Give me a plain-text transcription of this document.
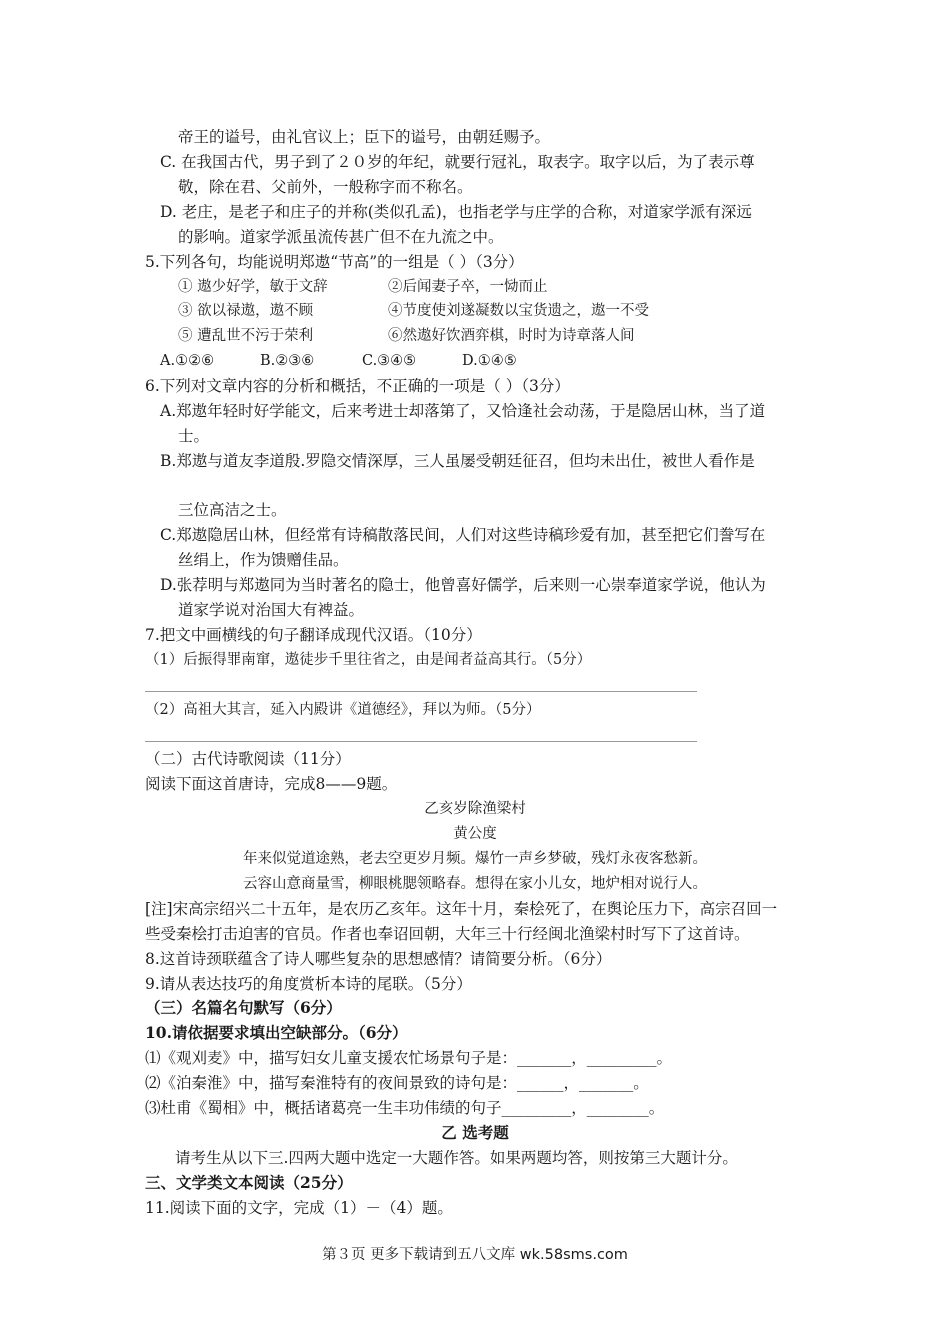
帝王的谥号，由礼官议上；臣下的谥号，由朝廷赐予。
C. 在我国古代，男子到了２０岁的年纪，就要行冠礼，取表字。取字以后，为了表示尊
敬，除在君、父前外，一般称字而不称名。
D. 老庄，是老子和庄子的并称(类似孔孟)，也指老学与庄学的合称，对道家学派有深远
的影响。道家学派虽流传甚广但不在九流之中。
5.下列各句，均能说明郑遨“节高”的一组是（ ）（3分）
① 遨少好学，敏于文辞	②后闻妻子卒，一恸而止
③ 欲以禄遨，遨不顾	④节度使刘遂凝数以宝货遗之，遨一不受
⑤ 遭乱世不污于荣利	⑥然遨好饮酒弈棋，时时为诗章落人间
A.①②⑥	B.②③⑥	C.③④⑤	D.①④⑤
6.下列对文章内容的分析和概括，不正确的一项是（ ）（3分）
A.郑遨年轻时好学能文，后来考进士却落第了，又恰逢社会动荡，于是隐居山林，当了道
士。
B.郑遨与道友李道殷.罗隐交情深厚，三人虽屡受朝廷征召，但均未出仕，被世人看作是
三位高洁之士。
C.郑遨隐居山林，但经常有诗稿散落民间，人们对这些诗稿珍爱有加，甚至把它们誊写在
丝绢上，作为馈赠佳品。
D.张荐明与郑遨同为当时著名的隐士，他曾喜好儒学，后来则一心崇奉道家学说，他认为
道家学说对治国大有裨益。
7.把文中画横线的句子翻译成现代汉语。（10分）
（1）后振得罪南窜，遨徒步千里往省之，由是闻者益高其行。（5分）
（2）高祖大其言，延入内殿讲《道德经》，拜以为师。（5分）
（二）古代诗歌阅读（11分）
阅读下面这首唐诗，完成8——9题。
乙亥岁除渔梁村
黄公度
年来似觉道途熟，老去空更岁月频。爆竹一声乡梦破，残灯永夜客愁新。
云容山意商量雪，柳眼桃腮领略春。想得在家小儿女，地炉相对说行人。
[注]宋高宗绍兴二十五年，是农历乙亥年。这年十月，秦桧死了，在舆论压力下，高宗召回一
些受秦桧打击迫害的官员。作者也奉诏回朝，大年三十行经闽北渔梁村时写下了这首诗。
8.这首诗颈联蕴含了诗人哪些复杂的思想感情？请简要分析。（6分）
9.请从表达技巧的角度赏析本诗的尾联。（5分）
（三）名篇名句默写（6分）
10.请依据要求填出空缺部分。（6分）
⑴《观刈麦》中，描写妇女儿童支援农忙场景句子是：_______，_________。
⑵《泊秦淮》中，描写秦淮特有的夜间景致的诗句是：______，_______。
⑶杜甫《蜀相》中，概括诸葛亮一生丰功伟绩的句子_________，________。
乙 选考题
请考生从以下三.四两大题中选定一大题作答。如果两题均答，则按第三大题计分。
三、文学类文本阅读（25分）
11.阅读下面的文字，完成（1）－（4）题。
第３页 更多下载请到五八文库 wk.58sms.com
